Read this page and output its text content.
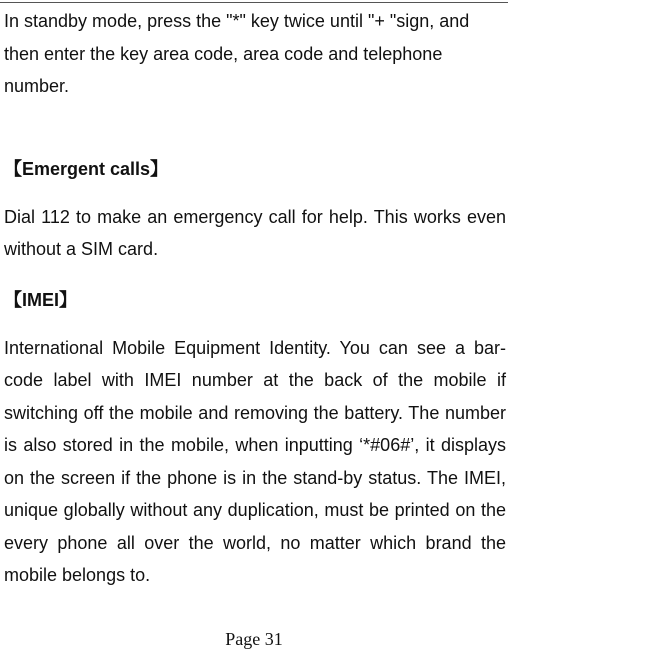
In standby mode, press the "*" key twice until "+ "sign, and then enter the key area code, area code and telephone number.

【Emergent calls】

Dial 112 to make an emergency call for help. This works even without a SIM card.

【IMEI】

International Mobile Equipment Identity. You can see a bar-code label with IMEI number at the back of the mobile if switching off the mobile and removing the battery. The number is also stored in the mobile, when inputting ‘*#06#’, it displays on the screen if the phone is in the stand-by status. The IMEI, unique globally without any duplication, must be printed on the every phone all over the world, no matter which brand the mobile belongs to.

Page 31
